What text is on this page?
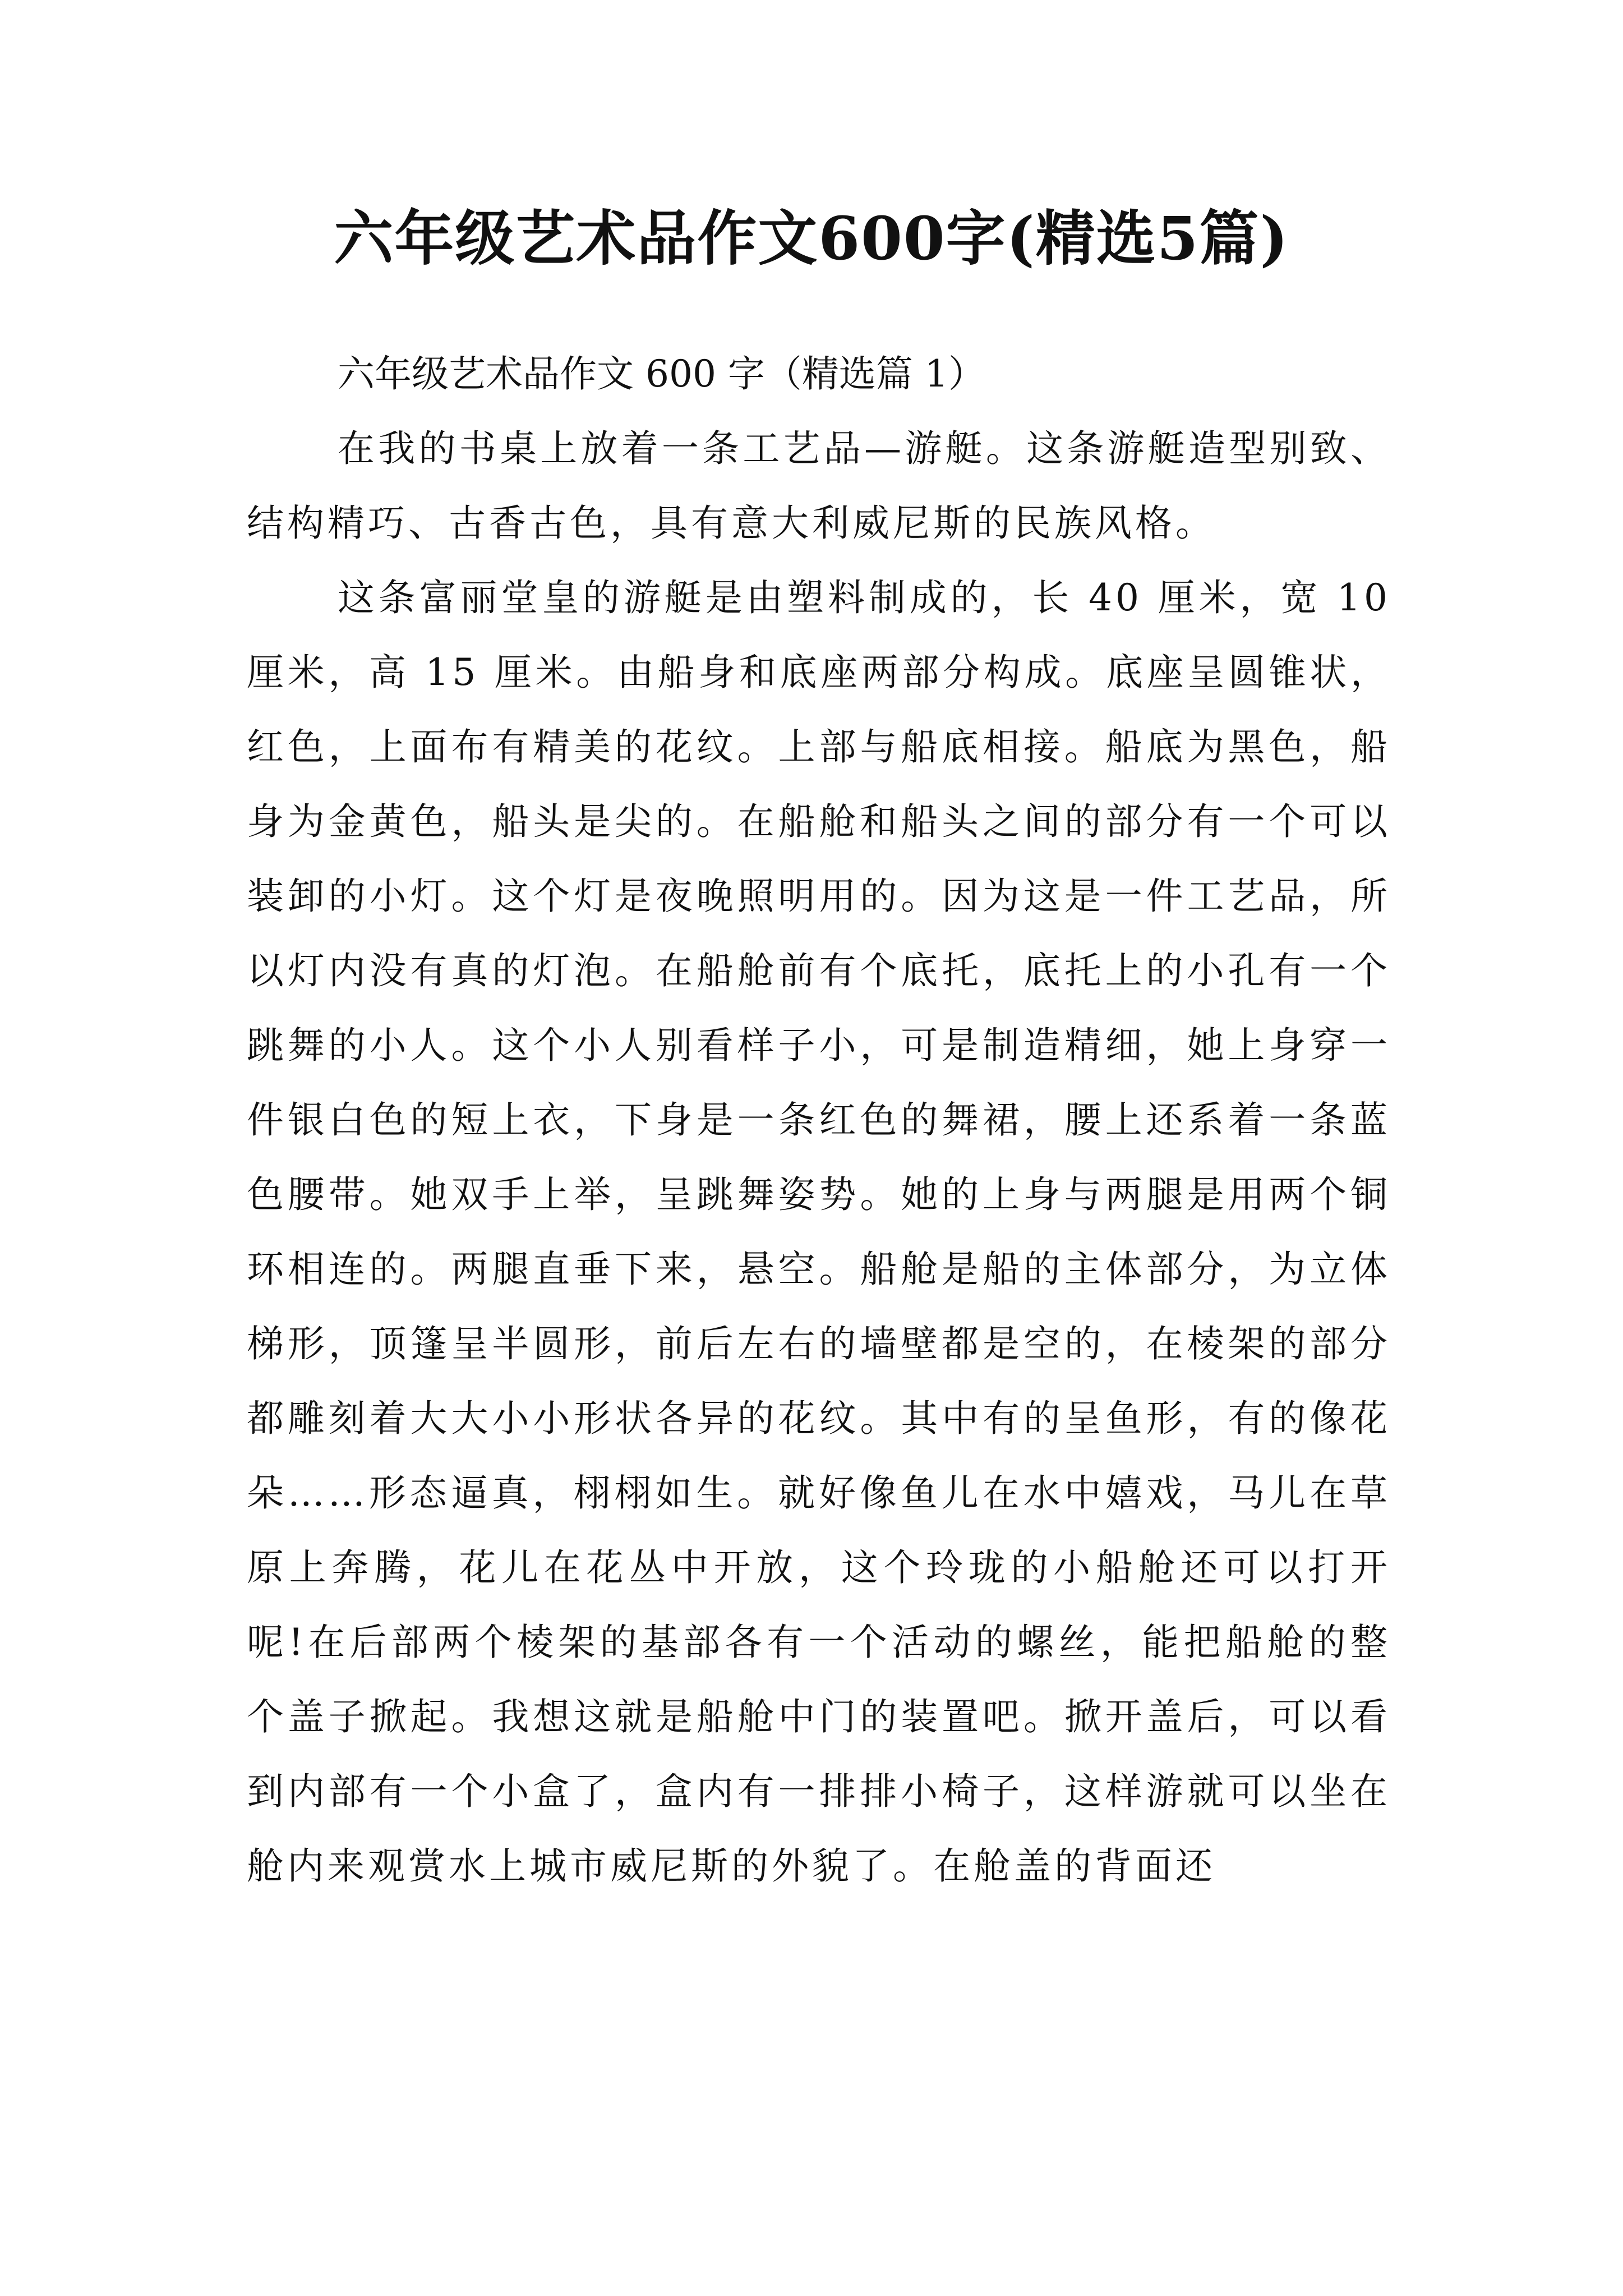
六年级艺术品作文600字(精选5篇)

六年级艺术品作文 600 字（精选篇 1）

在我的书桌上放着一条工艺品—游艇。这条游艇造型别致、结构精巧、古香古色，具有意大利威尼斯的民族风格。

这条富丽堂皇的游艇是由塑料制成的，长 40 厘米，宽 10 厘米，高 15 厘米。由船身和底座两部分构成。底座呈圆锥状，红色，上面布有精美的花纹。上部与船底相接。船底为黑色，船身为金黄色，船头是尖的。在船舱和船头之间的部分有一个可以装卸的小灯。这个灯是夜晚照明用的。因为这是一件工艺品，所以灯内没有真的灯泡。在船舱前有个底托，底托上的小孔有一个跳舞的小人。这个小人别看样子小，可是制造精细，她上身穿一件银白色的短上衣，下身是一条红色的舞裙，腰上还系着一条蓝色腰带。她双手上举，呈跳舞姿势。她的上身与两腿是用两个铜环相连的。两腿直垂下来，悬空。船舱是船的主体部分，为立体梯形，顶篷呈半圆形，前后左右的墙壁都是空的，在棱架的部分都雕刻着大大小小形状各异的花纹。其中有的呈鱼形，有的像花朵……形态逼真，栩栩如生。就好像鱼儿在水中嬉戏，马儿在草原上奔腾，花儿在花丛中开放，这个玲珑的小船舱还可以打开呢!在后部两个棱架的基部各有一个活动的螺丝，能把船舱的整个盖子掀起。我想这就是船舱中门的装置吧。掀开盖后，可以看到内部有一个小盒了，盒内有一排排小椅子，这样游就可以坐在舱内来观赏水上城市威尼斯的外貌了。在舱盖的背面还
